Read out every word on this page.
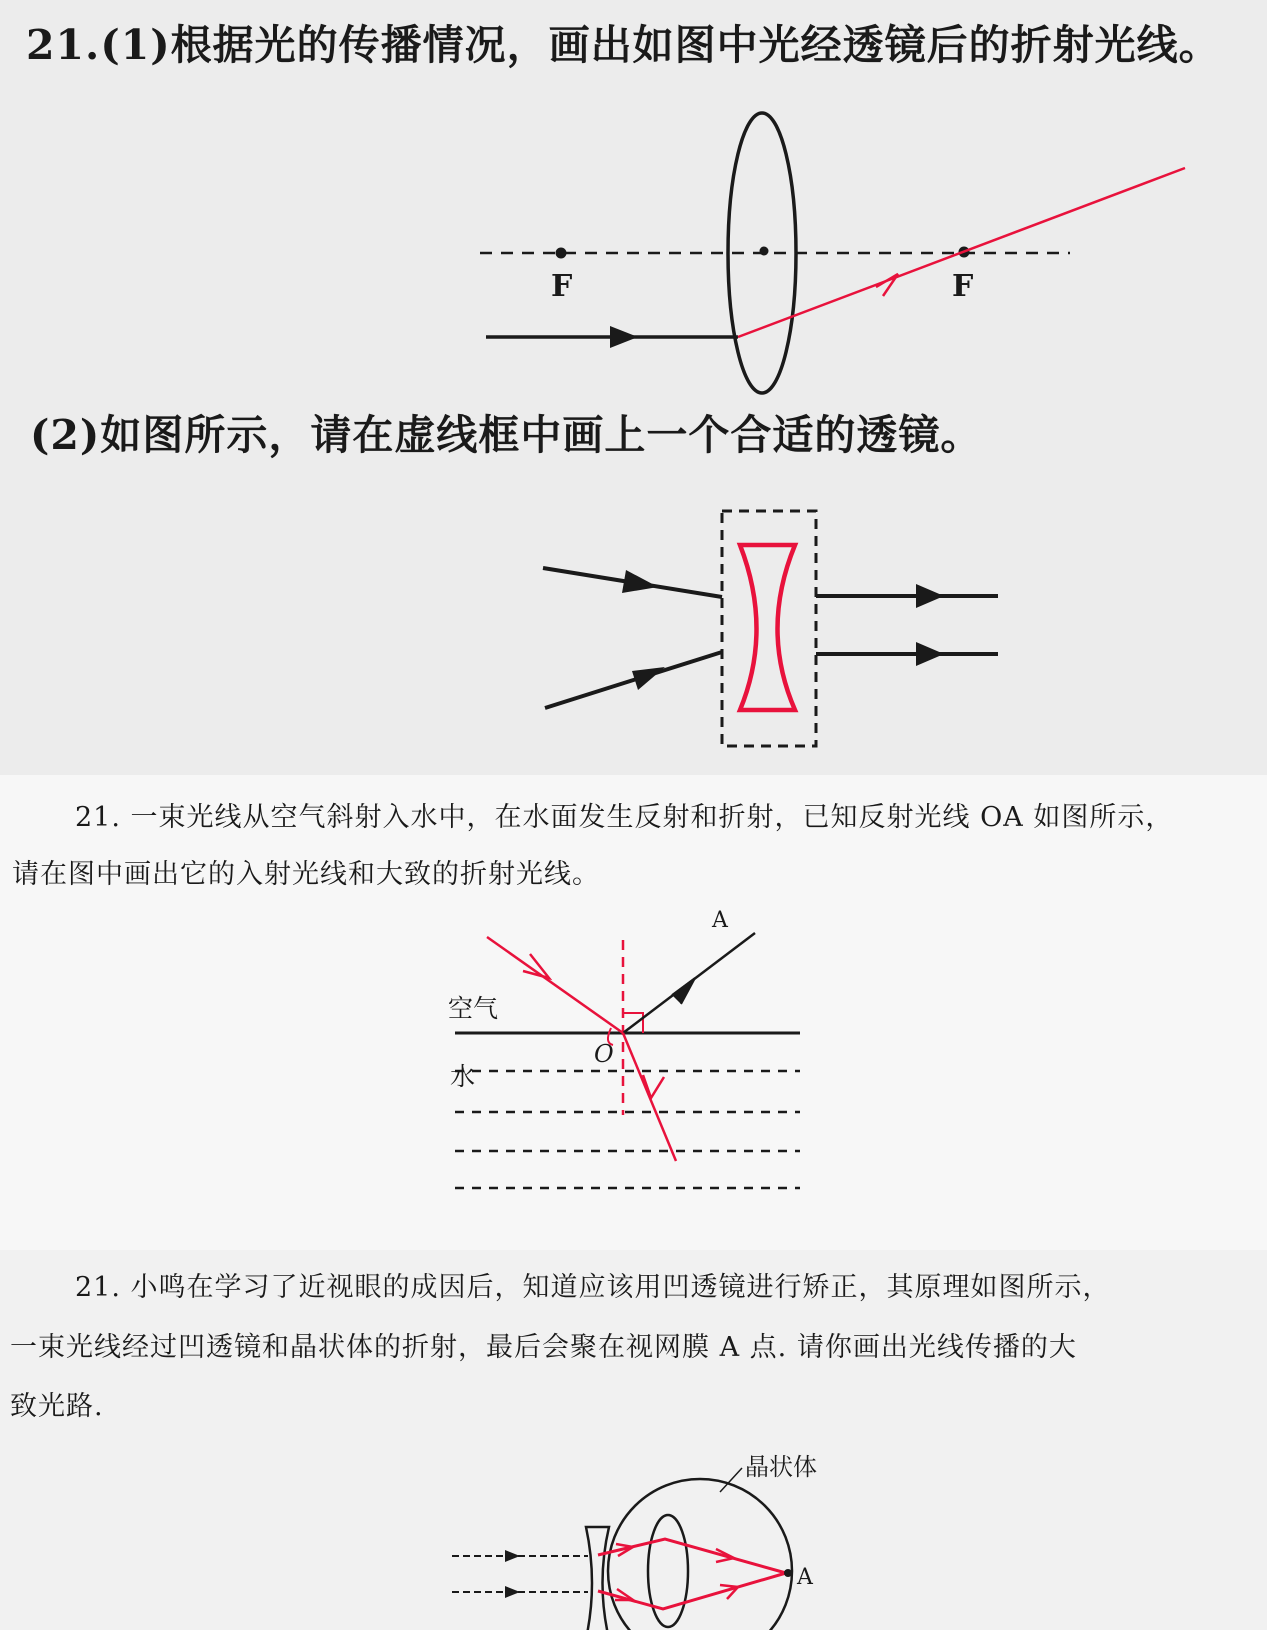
21.(1)根据光的传播情况，画出如图中光经透镜后的折射光线。
F	F
(2)如图所示，请在虚线框中画上一个合适的透镜。
21. 一束光线从空气斜射入水中，在水面发生反射和折射，已知反射光线 OA 如图所示，
请在图中画出它的入射光线和大致的折射光线。
A
空气
O
水
21. 小鸣在学习了近视眼的成因后，知道应该用凹透镜进行矫正，其原理如图所示，
一束光线经过凹透镜和晶状体的折射，最后会聚在视网膜 A 点. 请你画出光线传播的大
致光路.
晶状体
A
